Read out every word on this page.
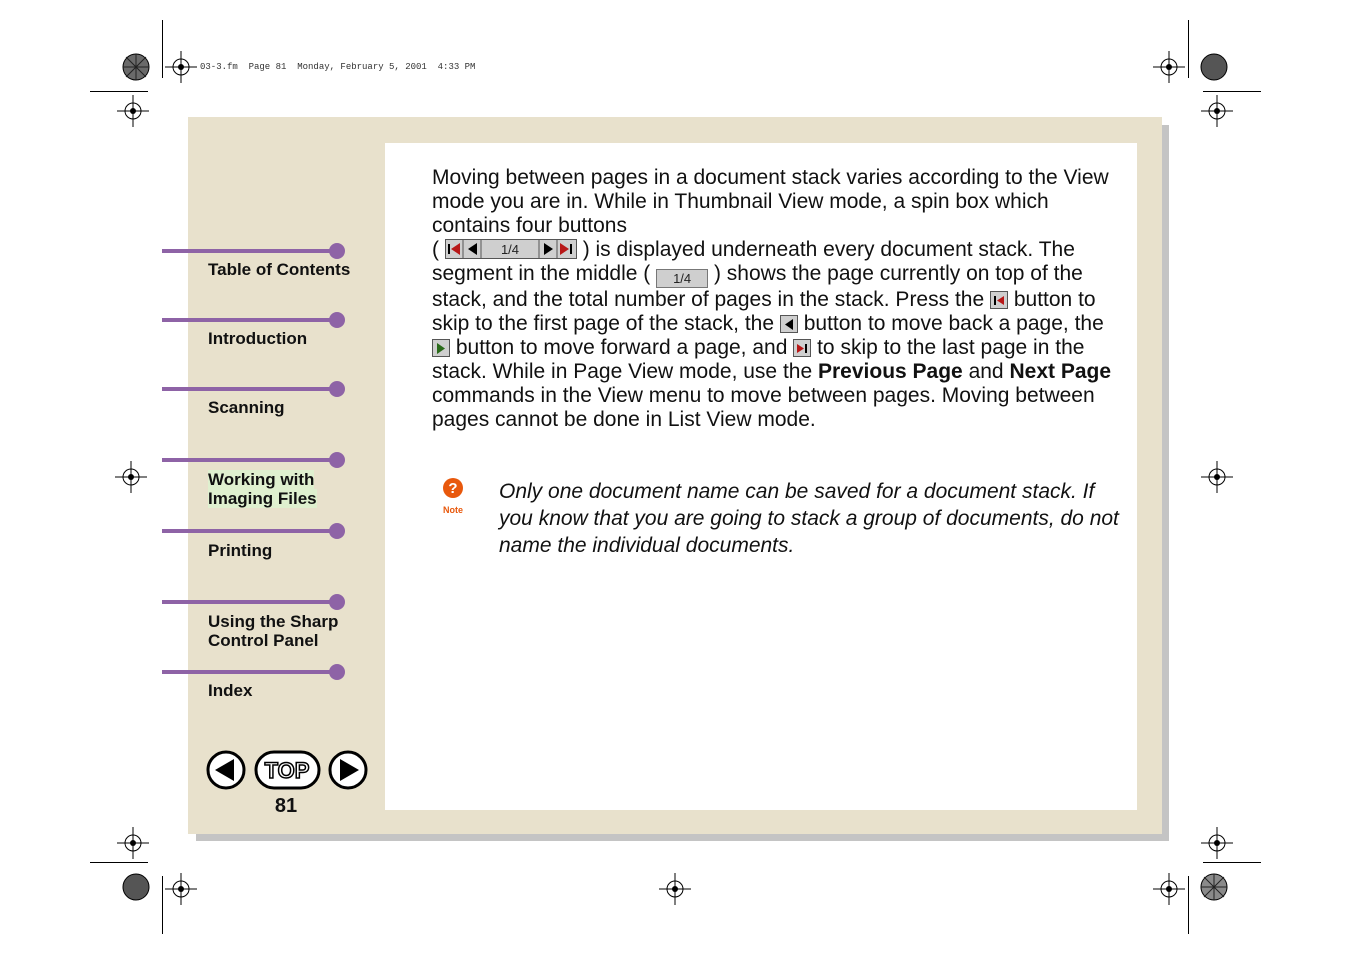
03-3.fm  Page 81  Monday, February 5, 2001  4:33 PM
Table of Contents
Introduction
Scanning
Working with
Imaging Files
Printing
Using the Sharp
Control Panel
Index
TOP
81
Moving between pages in a document stack varies according to the View mode you are in. While in Thumbnail View mode, a spin box which contains four buttons
(	1/4	) is displayed underneath every document stack. The segment in the middle ( 1/4 ) shows the page currently on top of the stack, and the total number of pages in the stack. Press the button to skip to the first page of the stack, the button to move back a page, the
button to move forward a page, and to skip to the last page in the stack. While in Page View mode, use the Previous Page and Next Page commands in the View menu to move between pages. Moving between pages cannot be done in List View mode.
?
Note
Only one document name can be saved for a document stack. If you know that you are going to stack a group of documents, do not name the individual documents.
